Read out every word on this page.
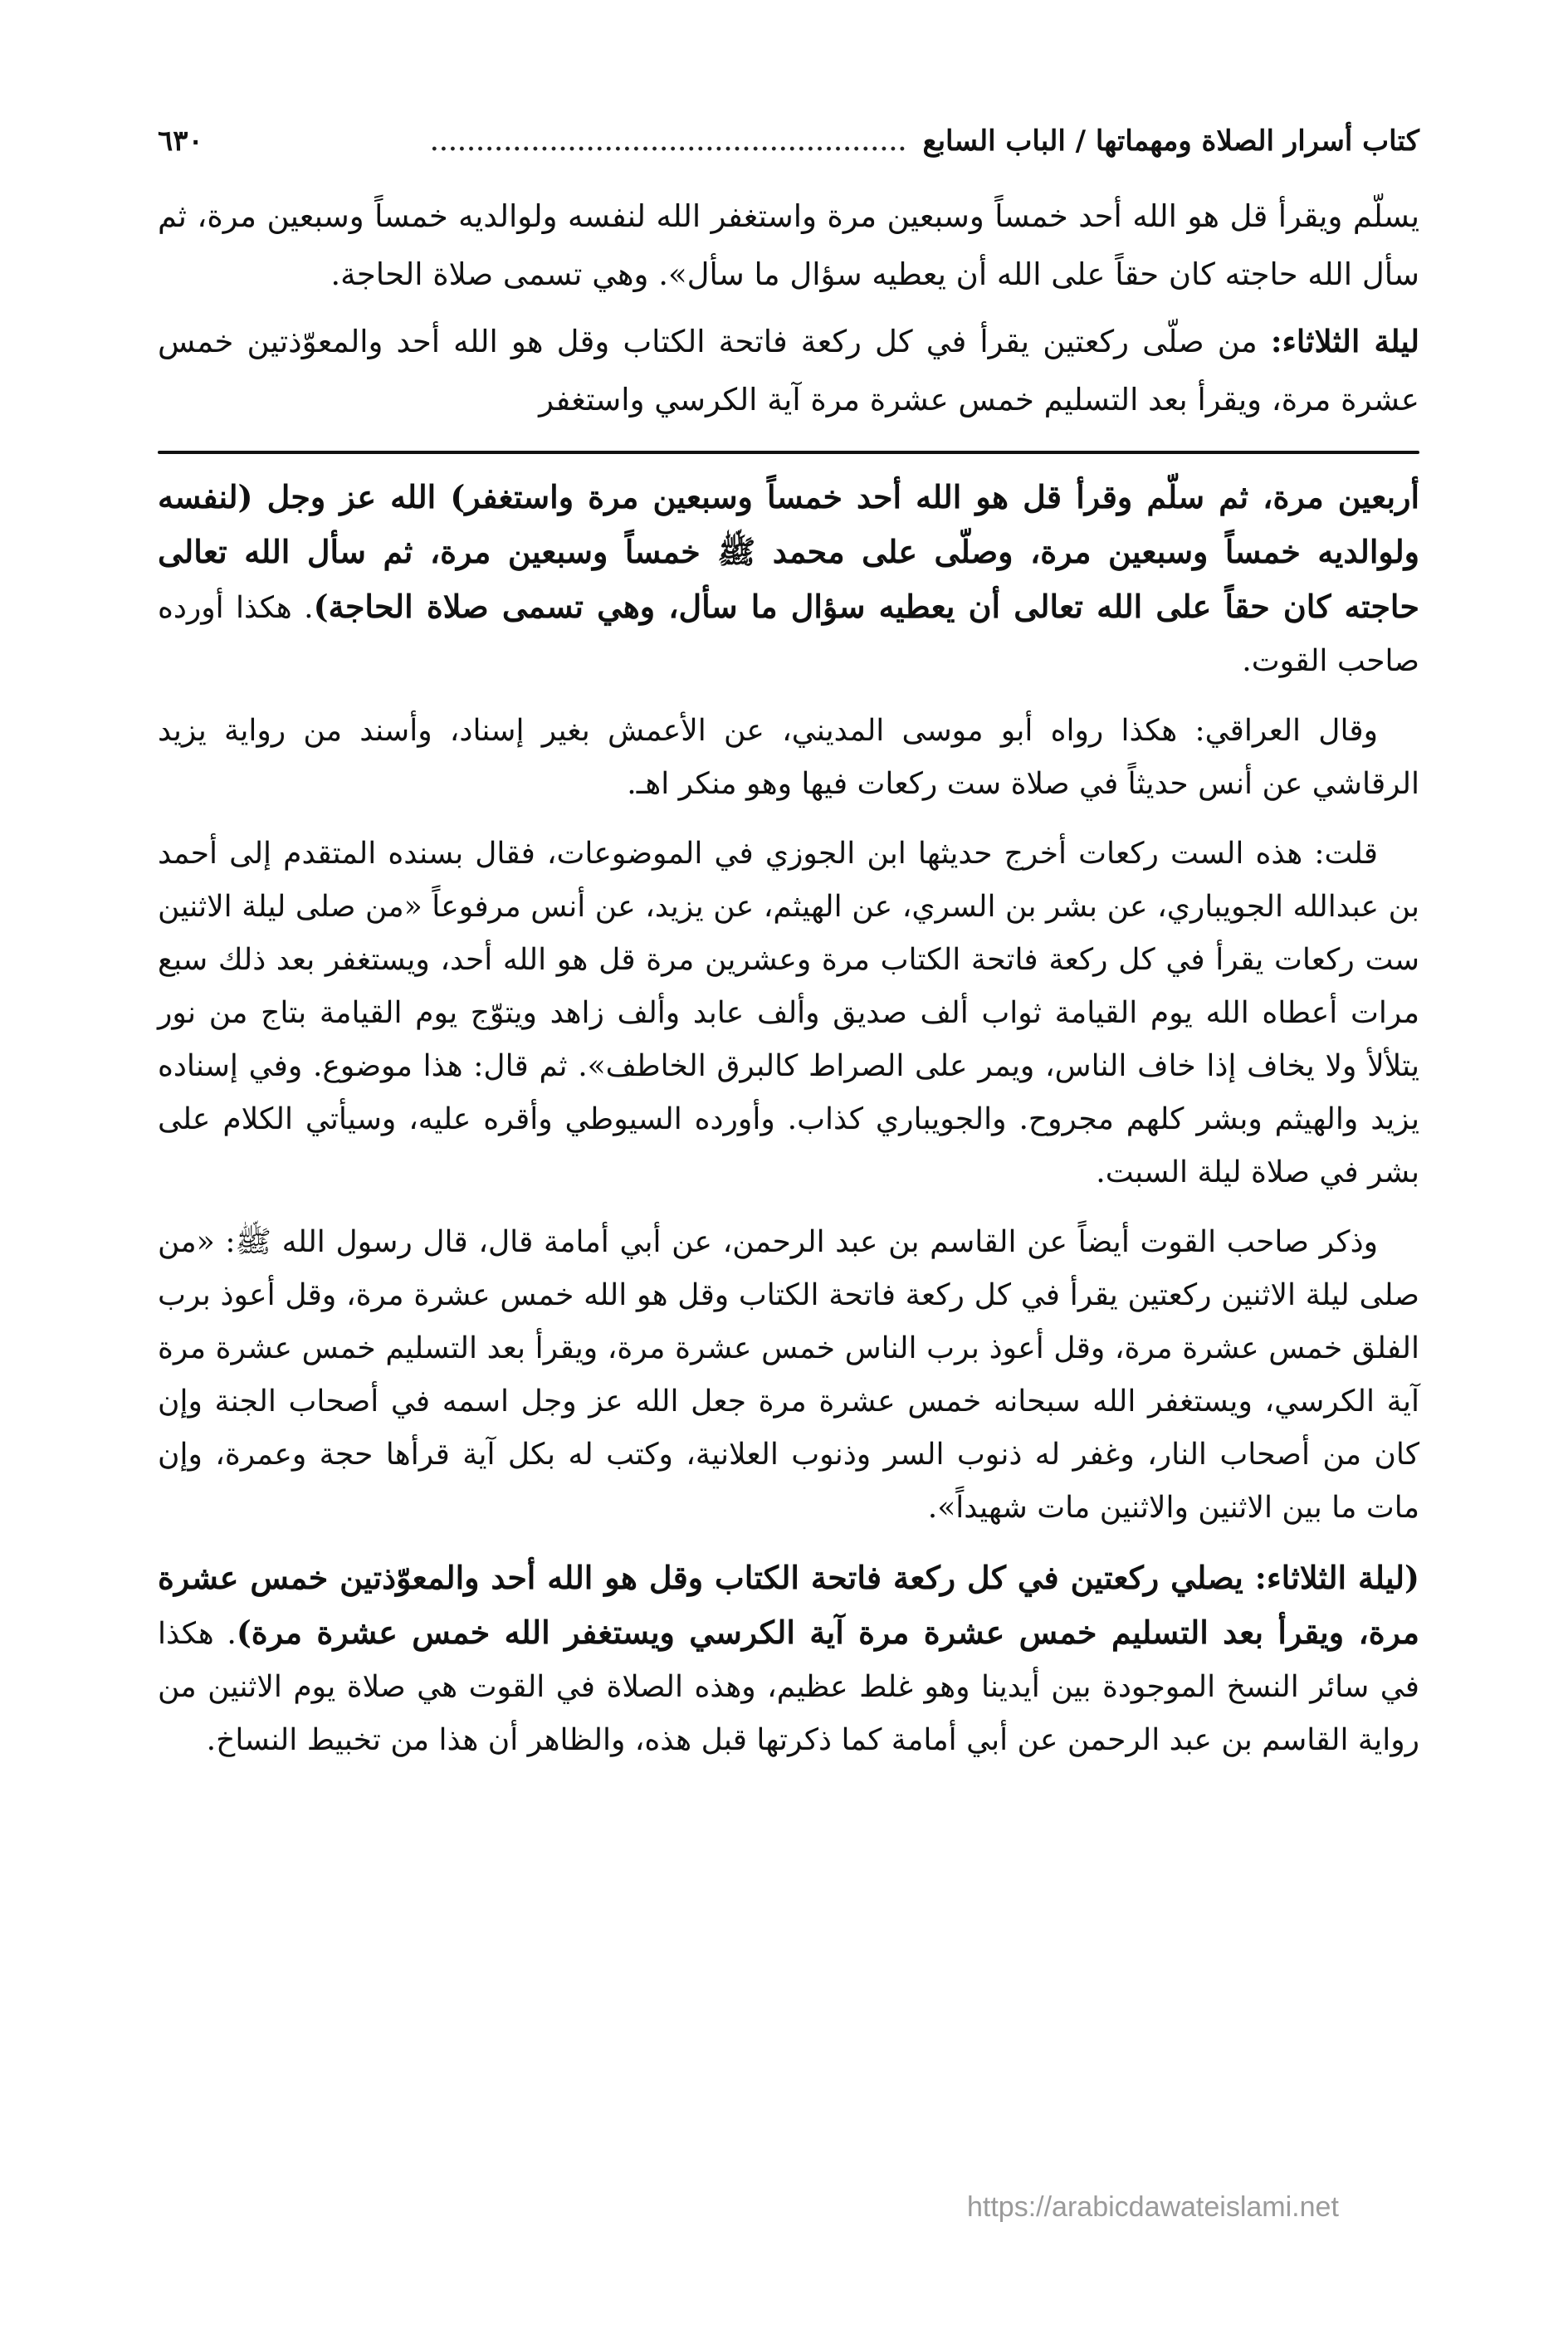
كتاب أسرار الصلاة ومهماتها / الباب السابع
....................................................
٦٣٠

يسلّم ويقرأ قل هو الله أحد خمساً وسبعين مرة واستغفر الله لنفسه ولوالديه خمساً وسبعين مرة، ثم سأل الله حاجته كان حقاً على الله أن يعطيه سؤال ما سأل». وهي تسمى صلاة الحاجة.

ليلة الثلاثاء: من صلّى ركعتين يقرأ في كل ركعة فاتحة الكتاب وقل هو الله أحد والمعوّذتين خمس عشرة مرة، ويقرأ بعد التسليم خمس عشرة مرة آية الكرسي واستغفر

أربعين مرة، ثم سلّم وقرأ قل هو الله أحد خمساً وسبعين مرة واستغفر) الله عز وجل (لنفسه ولوالديه خمساً وسبعين مرة، وصلّى على محمد ﷺ خمساً وسبعين مرة، ثم سأل الله تعالى حاجته كان حقاً على الله تعالى أن يعطيه سؤال ما سأل، وهي تسمى صلاة الحاجة). هكذا أورده صاحب القوت.

وقال العراقي: هكذا رواه أبو موسى المديني، عن الأعمش بغير إسناد، وأسند من رواية يزيد الرقاشي عن أنس حديثاً في صلاة ست ركعات فيها وهو منكر اهـ.

قلت: هذه الست ركعات أخرج حديثها ابن الجوزي في الموضوعات، فقال بسنده المتقدم إلى أحمد بن عبدالله الجويباري، عن بشر بن السري، عن الهيثم، عن يزيد، عن أنس مرفوعاً «من صلى ليلة الاثنين ست ركعات يقرأ في كل ركعة فاتحة الكتاب مرة وعشرين مرة قل هو الله أحد، ويستغفر بعد ذلك سبع مرات أعطاه الله يوم القيامة ثواب ألف صديق وألف عابد وألف زاهد ويتوّج يوم القيامة بتاج من نور يتلألأ ولا يخاف إذا خاف الناس، ويمر على الصراط كالبرق الخاطف». ثم قال: هذا موضوع. وفي إسناده يزيد والهيثم وبشر كلهم مجروح. والجويباري كذاب. وأورده السيوطي وأقره عليه، وسيأتي الكلام على بشر في صلاة ليلة السبت.

وذكر صاحب القوت أيضاً عن القاسم بن عبد الرحمن، عن أبي أمامة قال، قال رسول الله ﷺ: «من صلى ليلة الاثنين ركعتين يقرأ في كل ركعة فاتحة الكتاب وقل هو الله خمس عشرة مرة، وقل أعوذ برب الفلق خمس عشرة مرة، وقل أعوذ برب الناس خمس عشرة مرة، ويقرأ بعد التسليم خمس عشرة مرة آية الكرسي، ويستغفر الله سبحانه خمس عشرة مرة جعل الله عز وجل اسمه في أصحاب الجنة وإن كان من أصحاب النار، وغفر له ذنوب السر وذنوب العلانية، وكتب له بكل آية قرأها حجة وعمرة، وإن مات ما بين الاثنين والاثنين مات شهيداً».

(ليلة الثلاثاء: يصلي ركعتين في كل ركعة فاتحة الكتاب وقل هو الله أحد والمعوّذتين خمس عشرة مرة، ويقرأ بعد التسليم خمس عشرة مرة آية الكرسي ويستغفر الله خمس عشرة مرة). هكذا في سائر النسخ الموجودة بين أيدينا وهو غلط عظيم، وهذه الصلاة في القوت هي صلاة يوم الاثنين من رواية القاسم بن عبد الرحمن عن أبي أمامة كما ذكرتها قبل هذه، والظاهر أن هذا من تخبيط النساخ.

https://arabicdawateislami.net
